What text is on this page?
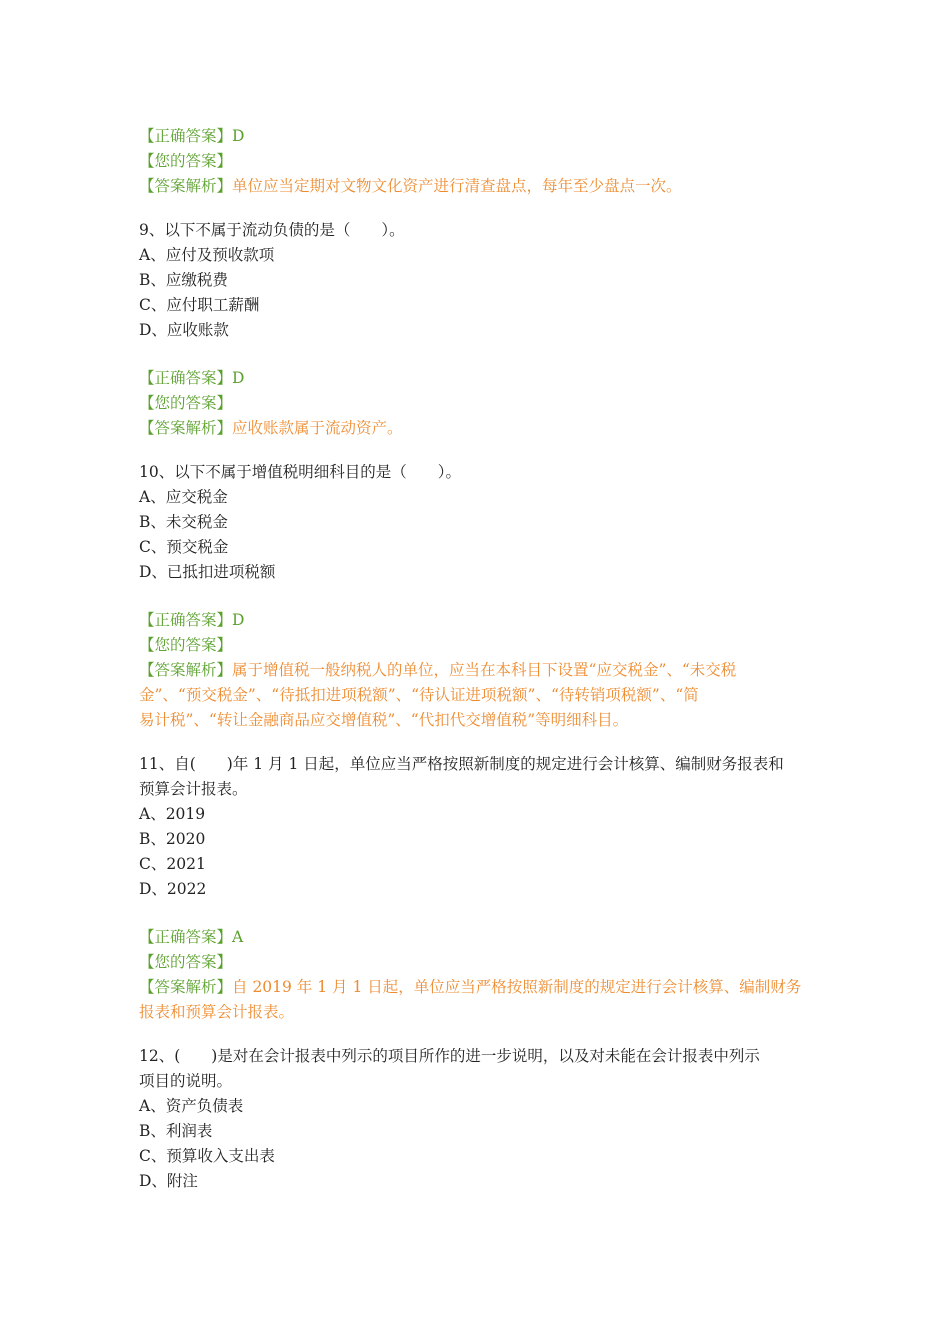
【正确答案】D
【您的答案】
【答案解析】单位应当定期对文物文化资产进行清查盘点，每年至少盘点一次。
9、以下不属于流动负债的是（　　）。
A、应付及预收款项
B、应缴税费
C、应付职工薪酬
D、应收账款
【正确答案】D
【您的答案】
【答案解析】应收账款属于流动资产。
10、以下不属于增值税明细科目的是（　　）。
A、应交税金
B、未交税金
C、预交税金
D、已抵扣进项税额
【正确答案】D
【您的答案】
【答案解析】属于增值税一般纳税人的单位，应当在本科目下设置“应交税金”、“未交税
金”、“预交税金”、“待抵扣进项税额”、“待认证进项税额”、“待转销项税额”、“简
易计税”、“转让金融商品应交增值税”、“代扣代交增值税”等明细科目。
11、自(　　)年 1 月 1 日起，单位应当严格按照新制度的规定进行会计核算、编制财务报表和
预算会计报表。
A、2019
B、2020
C、2021
D、2022
【正确答案】A
【您的答案】
【答案解析】自 2019 年 1 月 1 日起，单位应当严格按照新制度的规定进行会计核算、编制财务
报表和预算会计报表。
12、(　　)是对在会计报表中列示的项目所作的进一步说明，以及对未能在会计报表中列示
项目的说明。
A、资产负债表
B、利润表
C、预算收入支出表
D、附注
